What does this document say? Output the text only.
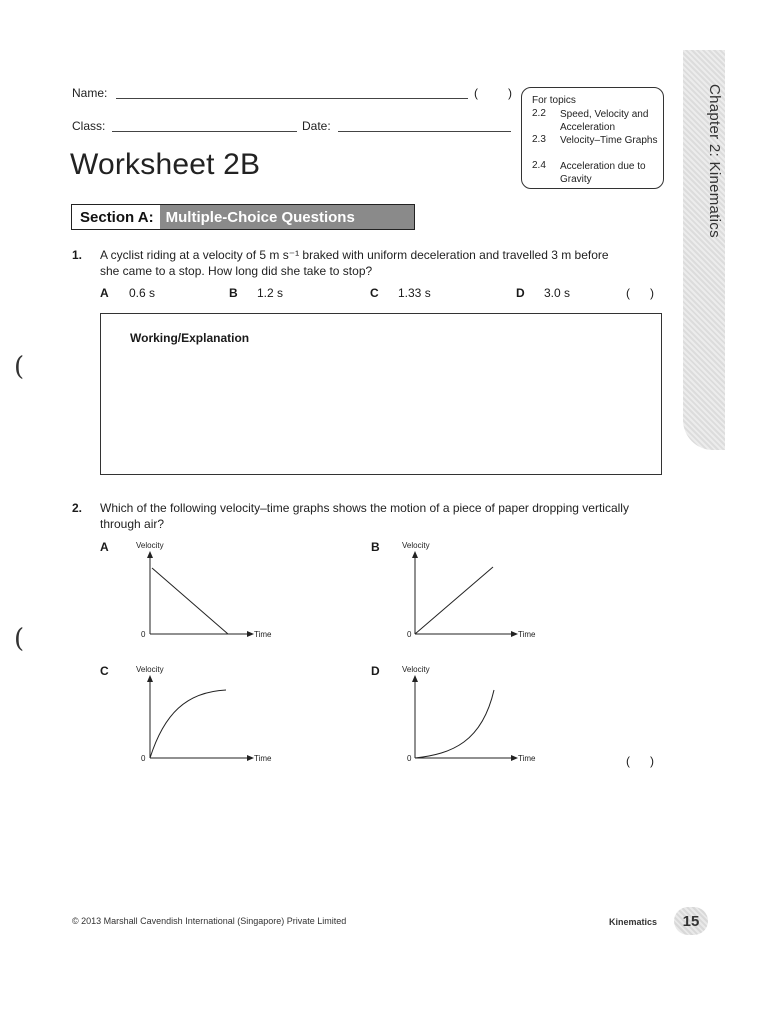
(
(
Name:	(	)
Class:	Date:
Worksheet 2B
For topics
2.2	Speed, Velocity and Acceleration
2.3	Velocity–Time Graphs
2.4	Acceleration due to Gravity	Chapter 2: Kinematics
Section A: Multiple-Choice Questions
1. A cyclist riding at a velocity of 5 m s⁻¹ braked with uniform deceleration and travelled 3 m before
she came to a stop. How long did she take to stop?
A 0.6 s	B 1.2 s	C 1.33 s	D 3.0 s	(      )
Working/Explanation
2. Which of the following velocity–time graphs shows the motion of a piece of paper dropping vertically
through air?
A	Velocity
Time
0
B	Velocity
Time
0
C	Velocity
Time
0
D	Velocity
Time
0	(      )
© 2013 Marshall Cavendish International (Singapore) Private Limited	Kinematics	15
